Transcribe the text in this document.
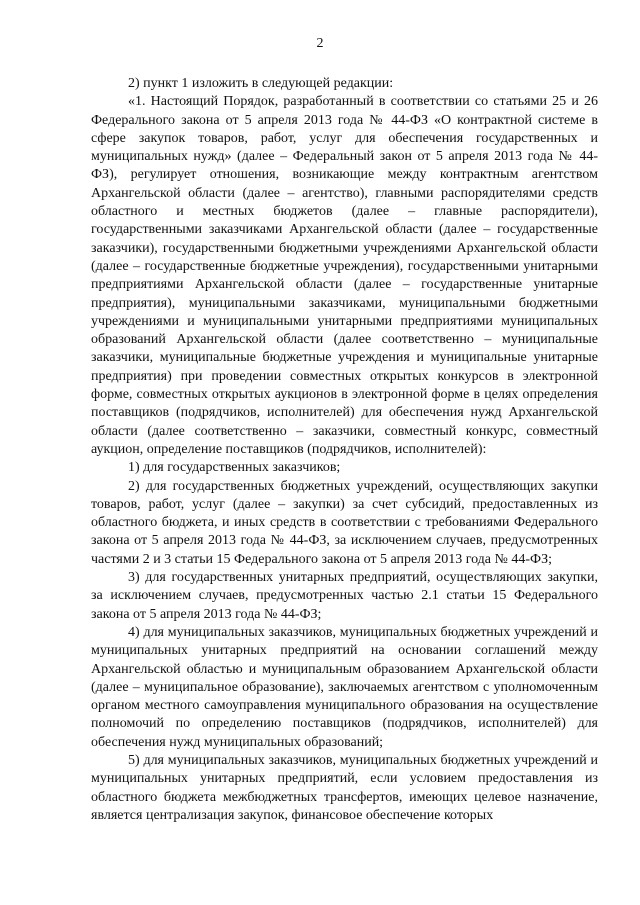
2

2) пункт 1 изложить в следующей редакции:

«1. Настоящий Порядок, разработанный в соответствии со статьями 25 и 26 Федерального закона от 5 апреля 2013 года № 44-ФЗ «О контрактной системе в сфере закупок товаров, работ, услуг для обеспечения государственных и муниципальных нужд» (далее – Федеральный закон от 5 апреля 2013 года № 44-ФЗ), регулирует отношения, возникающие между контрактным агентством Архангельской области (далее – агентство), главными распорядителями средств областного и местных бюджетов (далее – главные распорядители), государственными заказчиками Архангельской области (далее – государственные заказчики), государственными бюджетными учреждениями Архангельской области (далее – государственные бюджетные учреждения), государственными унитарными предприятиями Архангельской области (далее – государственные унитарные предприятия), муниципальными заказчиками, муниципальными бюджетными учреждениями и муниципальными унитарными предприятиями муниципальных образований Архангельской области (далее соответственно – муниципальные заказчики, муниципальные бюджетные учреждения и муниципальные унитарные предприятия) при проведении совместных открытых конкурсов в электронной форме, совместных открытых аукционов в электронной форме в целях определения поставщиков (подрядчиков, исполнителей) для обеспечения нужд Архангельской области (далее соответственно – заказчики, совместный конкурс, совместный аукцион, определение поставщиков (подрядчиков, исполнителей):

1) для государственных заказчиков;

2) для государственных бюджетных учреждений, осуществляющих закупки товаров, работ, услуг (далее – закупки) за счет субсидий, предоставленных из областного бюджета, и иных средств в соответствии с требованиями Федерального закона от 5 апреля 2013 года № 44-ФЗ, за исключением случаев, предусмотренных частями 2 и 3 статьи 15 Федерального закона от 5 апреля 2013 года № 44-ФЗ;

3) для государственных унитарных предприятий, осуществляющих закупки, за исключением случаев, предусмотренных частью 2.1 статьи 15 Федерального закона от 5 апреля 2013 года № 44-ФЗ;

4) для муниципальных заказчиков, муниципальных бюджетных учреждений и муниципальных унитарных предприятий на основании соглашений между Архангельской областью и муниципальным образованием Архангельской области (далее – муниципальное образование), заключаемых агентством с уполномоченным органом местного самоуправления муниципального образования на осуществление полномочий по определению поставщиков (подрядчиков, исполнителей) для обеспечения нужд муниципальных образований;

5) для муниципальных заказчиков, муниципальных бюджетных учреждений и муниципальных унитарных предприятий, если условием предоставления из областного бюджета межбюджетных трансфертов, имеющих целевое назначение, является централизация закупок, финансовое обеспечение которых
